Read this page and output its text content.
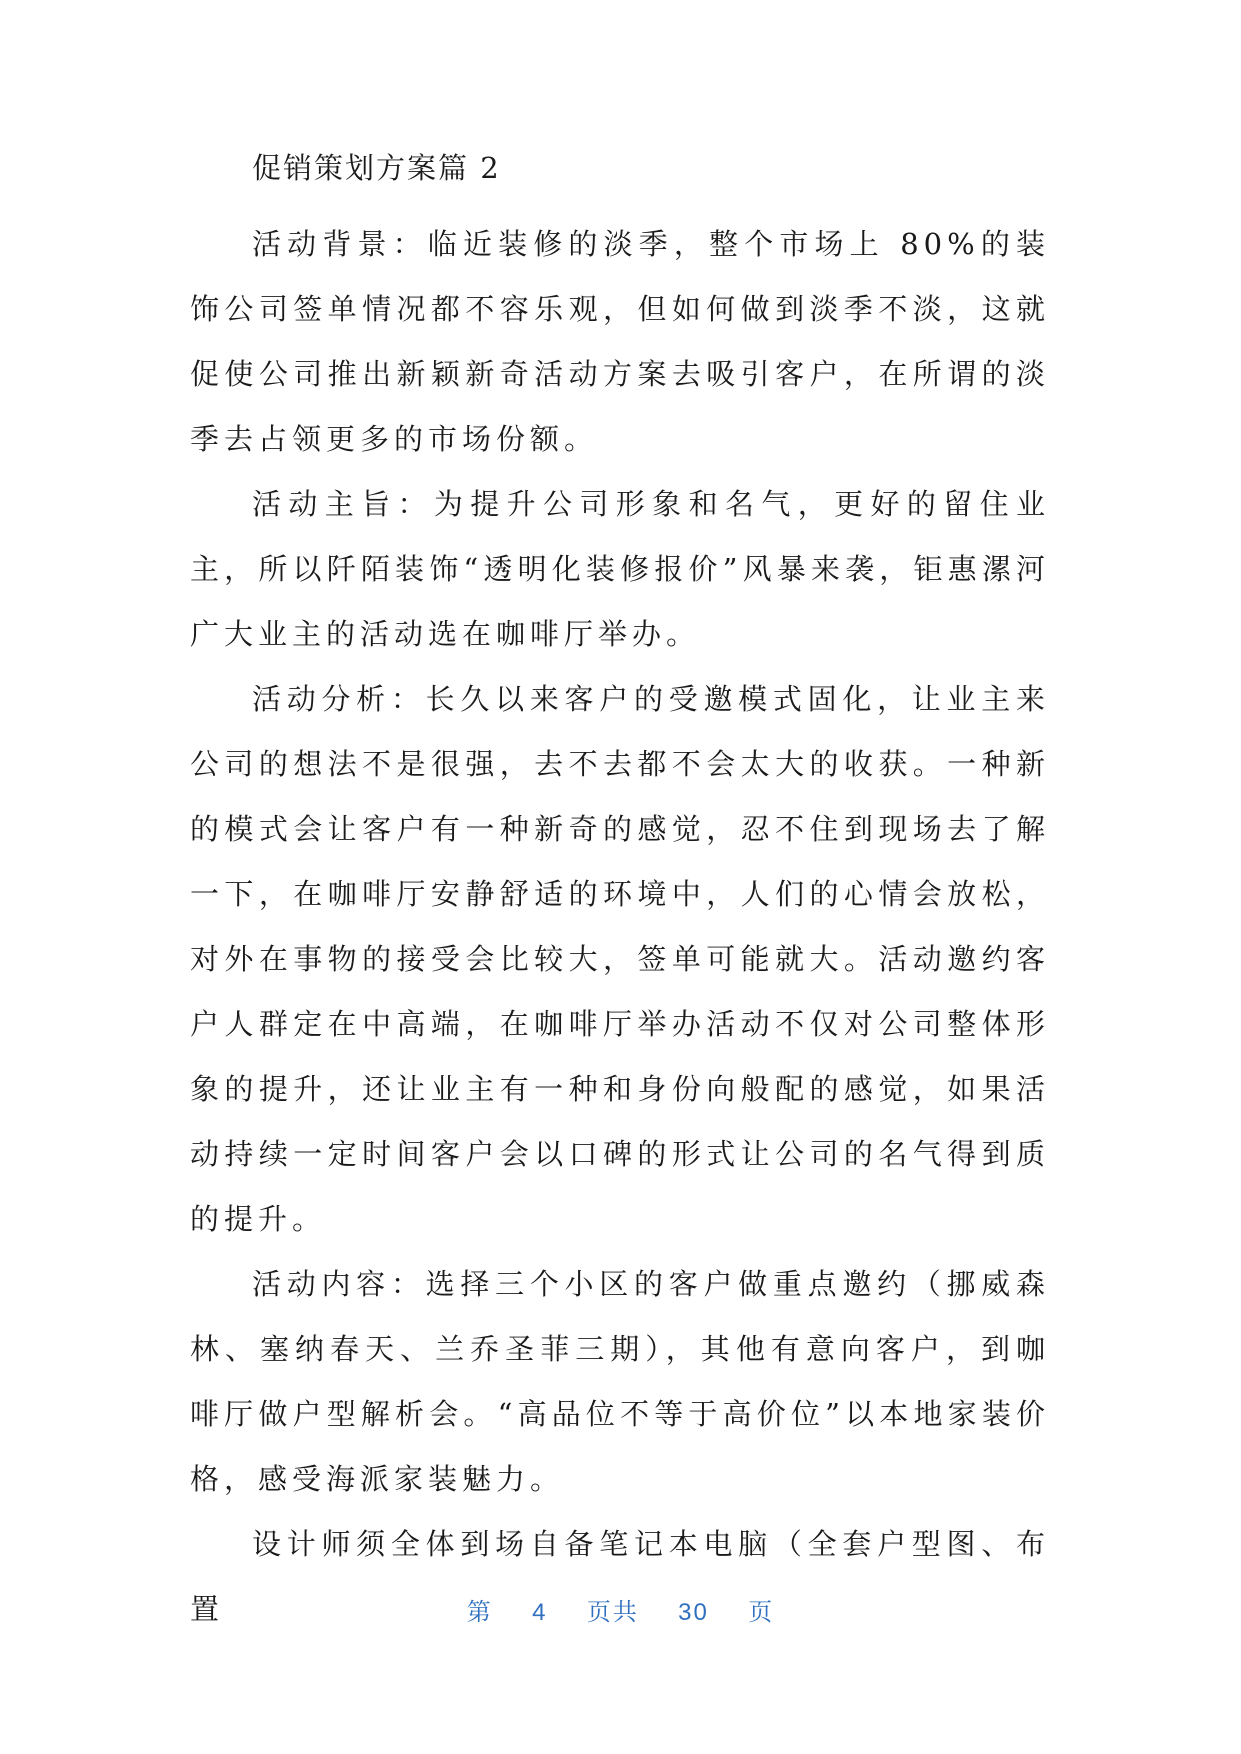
促销策划方案篇 2

活动背景：临近装修的淡季，整个市场上 80%的装饰公司签单情况都不容乐观，但如何做到淡季不淡，这就促使公司推出新颖新奇活动方案去吸引客户，在所谓的淡季去占领更多的市场份额。

活动主旨：为提升公司形象和名气，更好的留住业主，所以阡陌装饰“透明化装修报价”风暴来袭，钜惠漯河广大业主的活动选在咖啡厅举办。

活动分析：长久以来客户的受邀模式固化，让业主来公司的想法不是很强，去不去都不会太大的收获。一种新的模式会让客户有一种新奇的感觉，忍不住到现场去了解一下，在咖啡厅安静舒适的环境中，人们的心情会放松，对外在事物的接受会比较大，签单可能就大。活动邀约客户人群定在中高端，在咖啡厅举办活动不仅对公司整体形象的提升，还让业主有一种和身份向般配的感觉，如果活动持续一定时间客户会以口碑的形式让公司的名气得到质的提升。

活动内容：选择三个小区的客户做重点邀约（挪威森林、塞纳春天、兰乔圣菲三期），其他有意向客户，到咖啡厅做户型解析会。“高品位不等于高价位”以本地家装价格，感受海派家装魅力。

设计师须全体到场自备笔记本电脑（全套户型图、布置	第 4 页共 30 页
